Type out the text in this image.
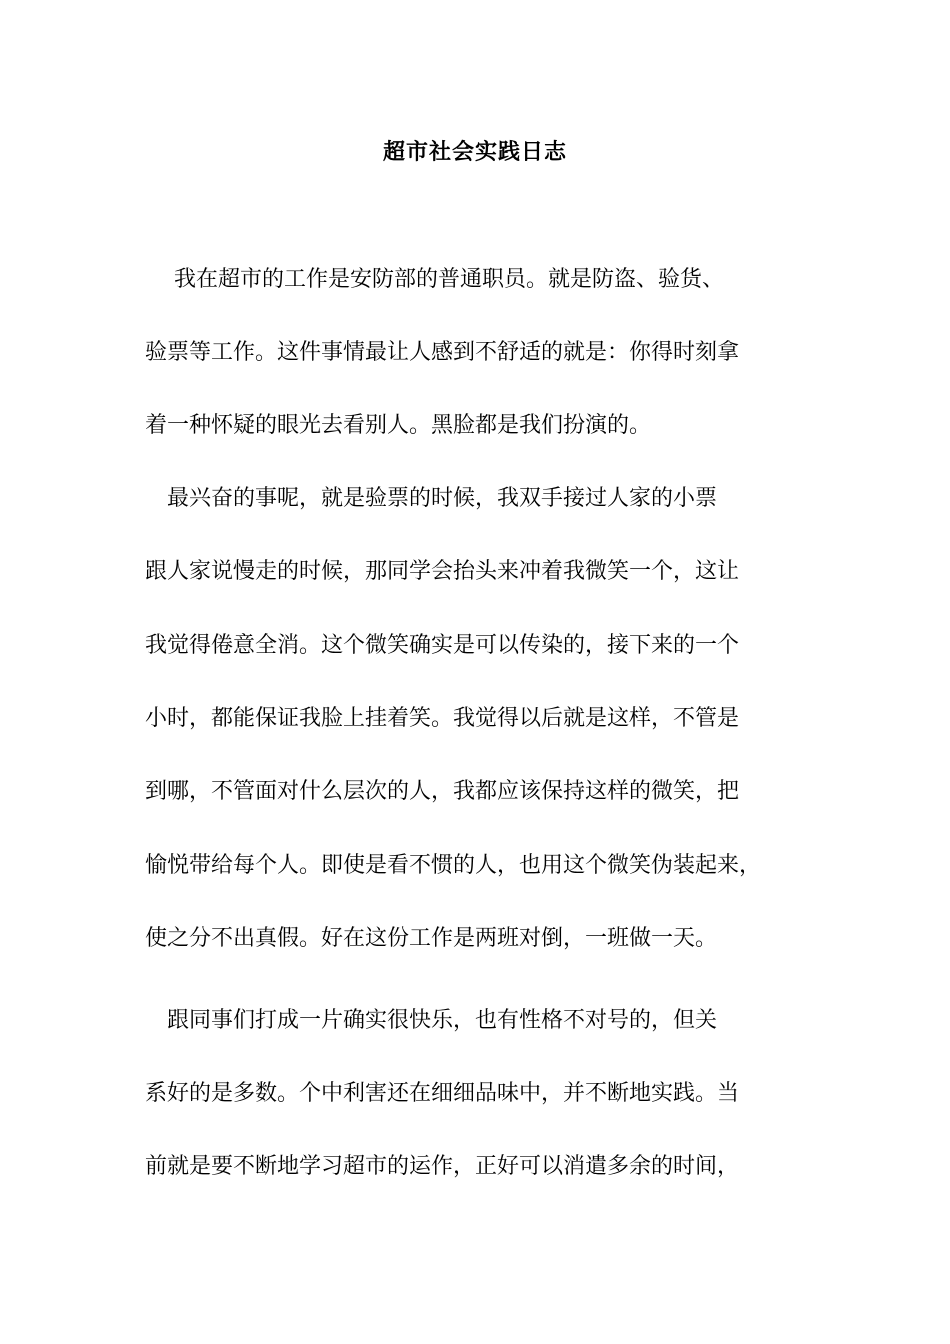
超市社会实践日志
　 我在超市的工作是安防部的普通职员。就是防盗、验货、
验票等工作。这件事情最让人感到不舒适的就是：你得时刻拿
着一种怀疑的眼光去看别人。黑脸都是我们扮演的。
　最兴奋的事呢，就是验票的时候，我双手接过人家的小票
跟人家说慢走的时候，那同学会抬头来冲着我微笑一个，这让
我觉得倦意全消。这个微笑确实是可以传染的，接下来的一个
小时，都能保证我脸上挂着笑。我觉得以后就是这样，不管是
到哪，不管面对什么层次的人，我都应该保持这样的微笑，把
愉悦带给每个人。即使是看不惯的人，也用这个微笑伪装起来，
使之分不出真假。好在这份工作是两班对倒，一班做一天。
　跟同事们打成一片确实很快乐，也有性格不对号的，但关
系好的是多数。个中利害还在细细品味中，并不断地实践。当
前就是要不断地学习超市的运作，正好可以消遣多余的时间，
